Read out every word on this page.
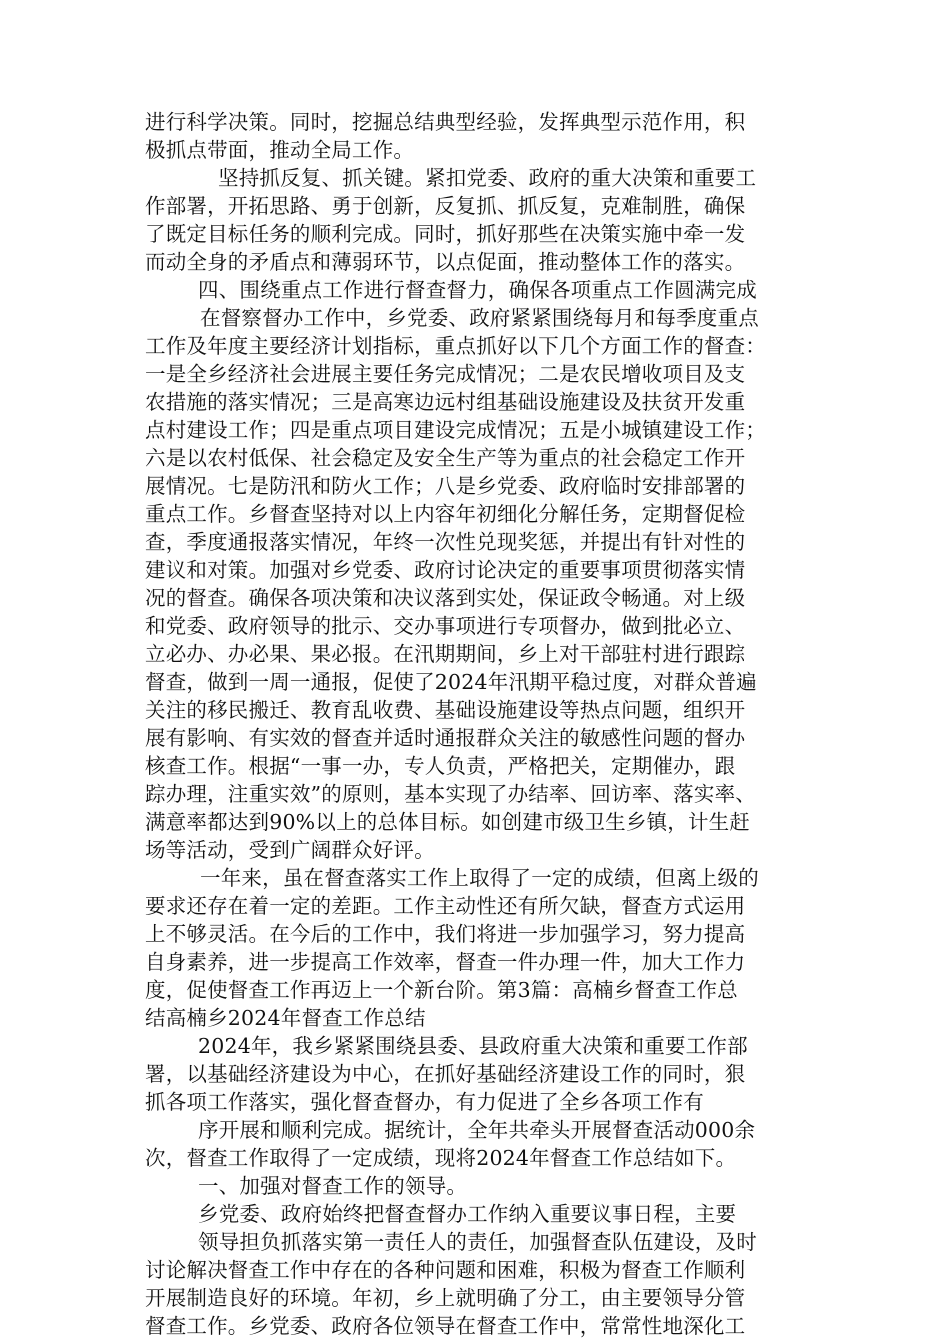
进行科学决策。同时，挖掘总结典型经验，发挥典型示范作用，积
极抓点带面，推动全局工作。
坚持抓反复、抓关键。紧扣党委、政府的重大决策和重要工
作部署，开拓思路、勇于创新，反复抓、抓反复，克难制胜，确保
了既定目标任务的顺利完成。同时，抓好那些在决策实施中牵一发
而动全身的矛盾点和薄弱环节，以点促面，推动整体工作的落实。
四、围绕重点工作进行督查督力，确保各项重点工作圆满完成
在督察督办工作中，乡党委、政府紧紧围绕每月和每季度重点
工作及年度主要经济计划指标，重点抓好以下几个方面工作的督查：
一是全乡经济社会进展主要任务完成情况；二是农民增收项目及支
农措施的落实情况；三是高寒边远村组基础设施建设及扶贫开发重
点村建设工作；四是重点项目建设完成情况；五是小城镇建设工作；
六是以农村低保、社会稳定及安全生产等为重点的社会稳定工作开
展情况。七是防汛和防火工作；八是乡党委、政府临时安排部署的
重点工作。乡督查坚持对以上内容年初细化分解任务，定期督促检
查，季度通报落实情况，年终一次性兑现奖惩，并提出有针对性的
建议和对策。加强对乡党委、政府讨论决定的重要事项贯彻落实情
况的督查。确保各项决策和决议落到实处，保证政令畅通。对上级
和党委、政府领导的批示、交办事项进行专项督办，做到批必立、
立必办、办必果、果必报。在汛期期间，乡上对干部驻村进行跟踪
督查，做到一周一通报，促使了2024年汛期平稳过度，对群众普遍
关注的移民搬迁、教育乱收费、基础设施建设等热点问题，组织开
展有影响、有实效的督查并适时通报群众关注的敏感性问题的督办
核查工作。根据“一事一办，专人负责，严格把关，定期催办，跟
踪办理，注重实效”的原则，基本实现了办结率、回访率、落实率、
满意率都达到90%以上的总体目标。如创建市级卫生乡镇，计生赶
场等活动，受到广阔群众好评。
一年来，虽在督查落实工作上取得了一定的成绩，但离上级的
要求还存在着一定的差距。工作主动性还有所欠缺，督查方式运用
上不够灵活。在今后的工作中，我们将进一步加强学习，努力提高
自身素养，进一步提高工作效率，督查一件办理一件，加大工作力
度，促使督查工作再迈上一个新台阶。第3篇：高楠乡督查工作总
结高楠乡2024年督查工作总结
2024年，我乡紧紧围绕县委、县政府重大决策和重要工作部
署，以基础经济建设为中心，在抓好基础经济建设工作的同时，狠
抓各项工作落实，强化督查督办，有力促进了全乡各项工作有
序开展和顺利完成。据统计，全年共牵头开展督查活动000余
次，督查工作取得了一定成绩，现将2024年督查工作总结如下。
一、加强对督查工作的领导。
乡党委、政府始终把督查督办工作纳入重要议事日程，主要
领导担负抓落实第一责任人的责任，加强督查队伍建设，及时
讨论解决督查工作中存在的各种问题和困难，积极为督查工作顺利
开展制造良好的环境。年初，乡上就明确了分工，由主要领导分管
督查工作。乡党委、政府各位领导在督查工作中，常常性地深化工
